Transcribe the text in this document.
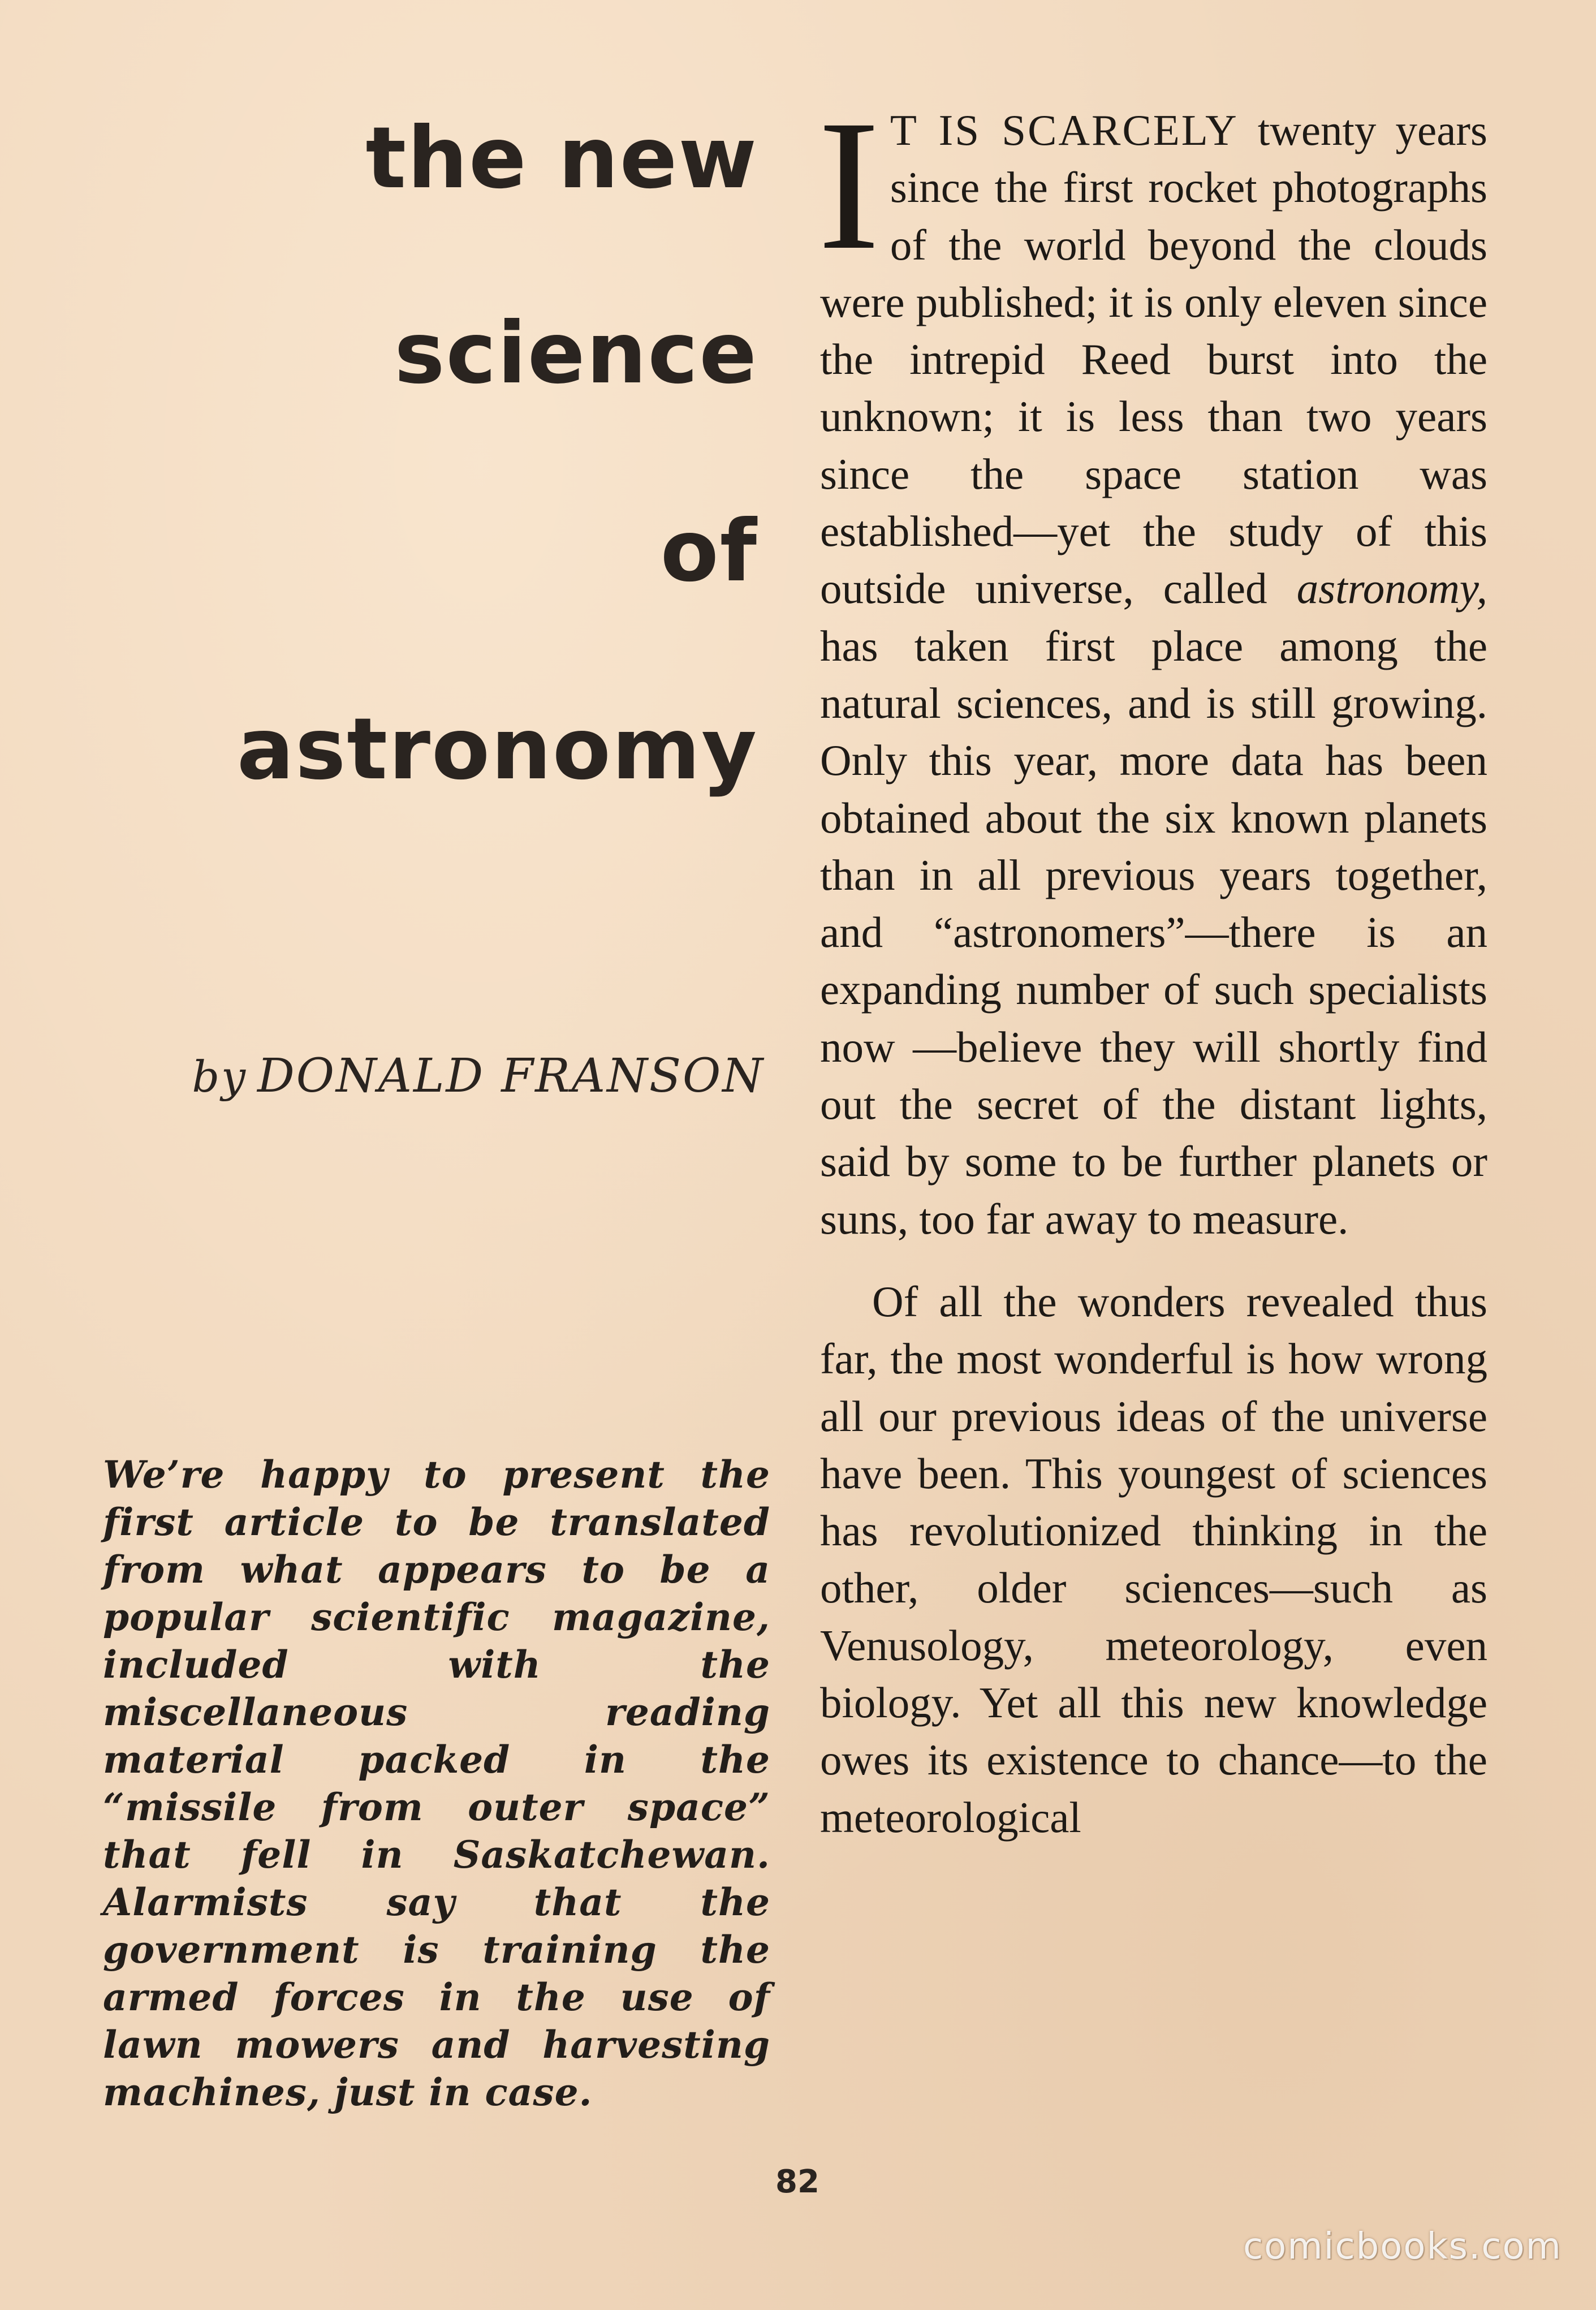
the new
science
of
astronomy

by DONALD FRANSON

We’re happy to present the first article to be translated from what appears to be a popular scientific magazine, included with the miscellaneous reading material packed in the “missile from outer space” that fell in Saskatchewan. Alarmists say that the government is training the armed forces in the use of lawn mowers and harvesting machines, just in case.

I T IS SCARCELY twenty years since the first rocket photographs of the world beyond the clouds were published; it is only eleven since the intrepid Reed burst into the unknown; it is less than two years since the space station was established—yet the study of this outside universe, called astronomy, has taken first place among the natural sciences, and is still growing. Only this year, more data has been obtained about the six known planets than in all previous years together, and “astronomers”—there is an expanding number of such specialists now —believe they will shortly find out the secret of the distant lights, said by some to be further planets or suns, too far away to measure.

Of all the wonders revealed thus far, the most wonderful is how wrong all our previous ideas of the universe have been. This youngest of sciences has revolutionized thinking in the other, older sciences—such as Venusology, meteorology, even biology. Yet all this new knowledge owes its existence to chance—to the meteorological

82

comicbooks.com
